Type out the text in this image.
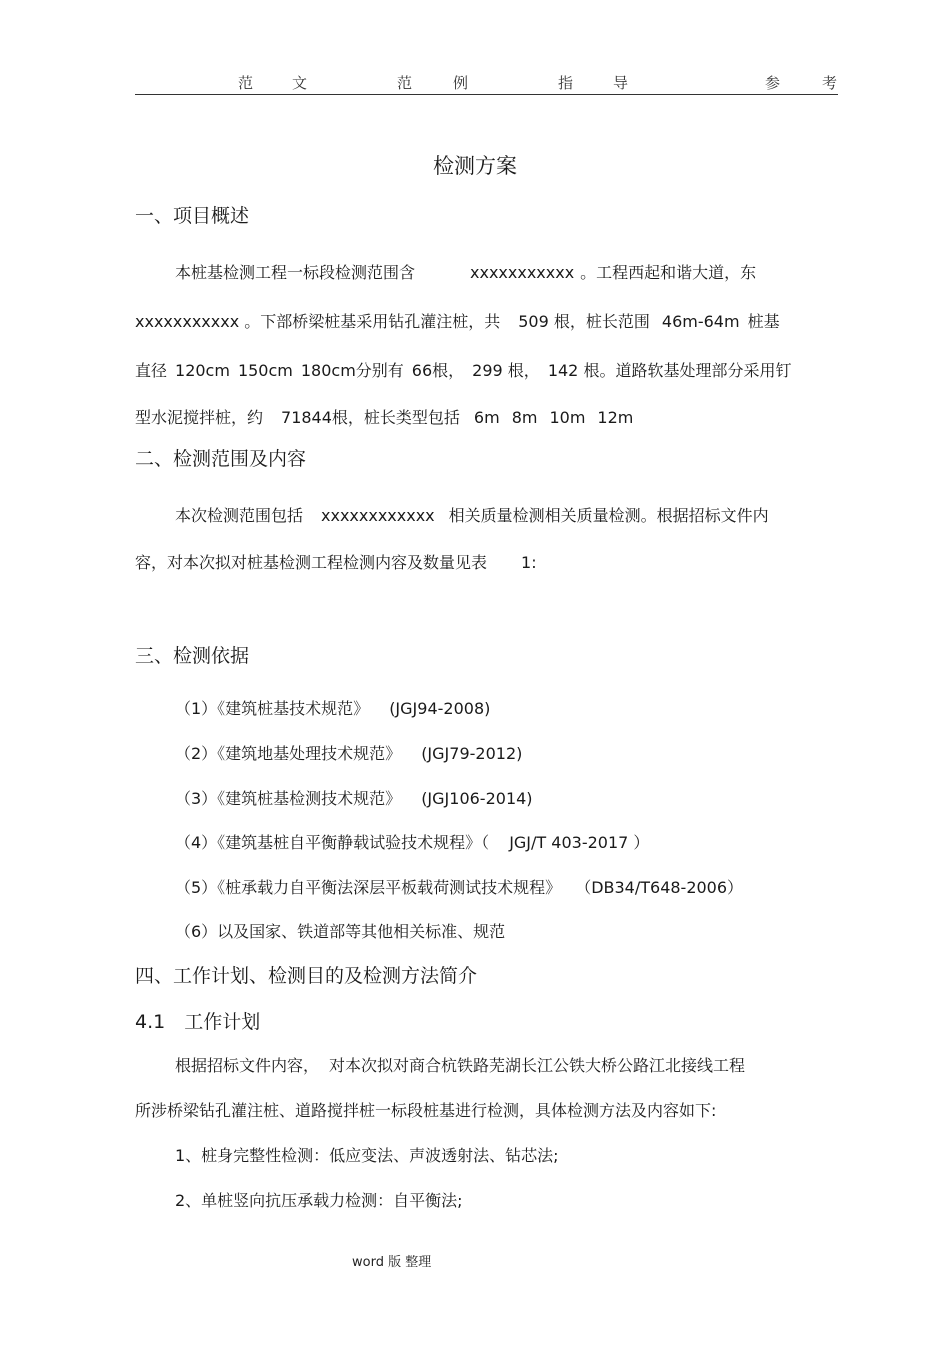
范	文	范	例	指	导	参	考
检测方案
一、项目概述
本桩基检测工程一标段检测范围含	xxxxxxxxxxx 。工程西起和谐大道，东
xxxxxxxxxxx 。下部桥梁桩基采用钻孔灌注桩，共 509 根，桩长范围 46m-64m 桩基
直径 120cm 150cm 180cm分别有 66根， 299 根， 142 根。道路软基处理部分采用钉
型水泥搅拌桩，约 71844根，桩长类型包括 6m 8m 10m 12m
二、检测范围及内容
本次检测范围包括 xxxxxxxxxxxx 相关质量检测相关质量检测。根据招标文件内
容，对本次拟对桩基检测工程检测内容及数量见表 1:
三、检测依据
（1）《建筑桩基技术规范》 (JGJ94-2008)
（2）《建筑地基处理技术规范》 (JGJ79-2012)
（3）《建筑桩基检测技术规范》 (JGJ106-2014)
（4）《建筑基桩自平衡静载试验技术规程》（ JGJ/T 403-2017 ）
（5）《桩承载力自平衡法深层平板载荷测试技术规程》 （DB34/T648-2006）
（6）以及国家、铁道部等其他相关标准、规范
四、工作计划、检测目的及检测方法简介
4.1　工作计划
根据招标文件内容， 对本次拟对商合杭铁路芜湖长江公铁大桥公路江北接线工程
所涉桥梁钻孔灌注桩、道路搅拌桩一标段桩基进行检测，具体检测方法及内容如下:
1、桩身完整性检测：低应变法、声波透射法、钻芯法;
2、单桩竖向抗压承载力检测：自平衡法;
word 版 整理
